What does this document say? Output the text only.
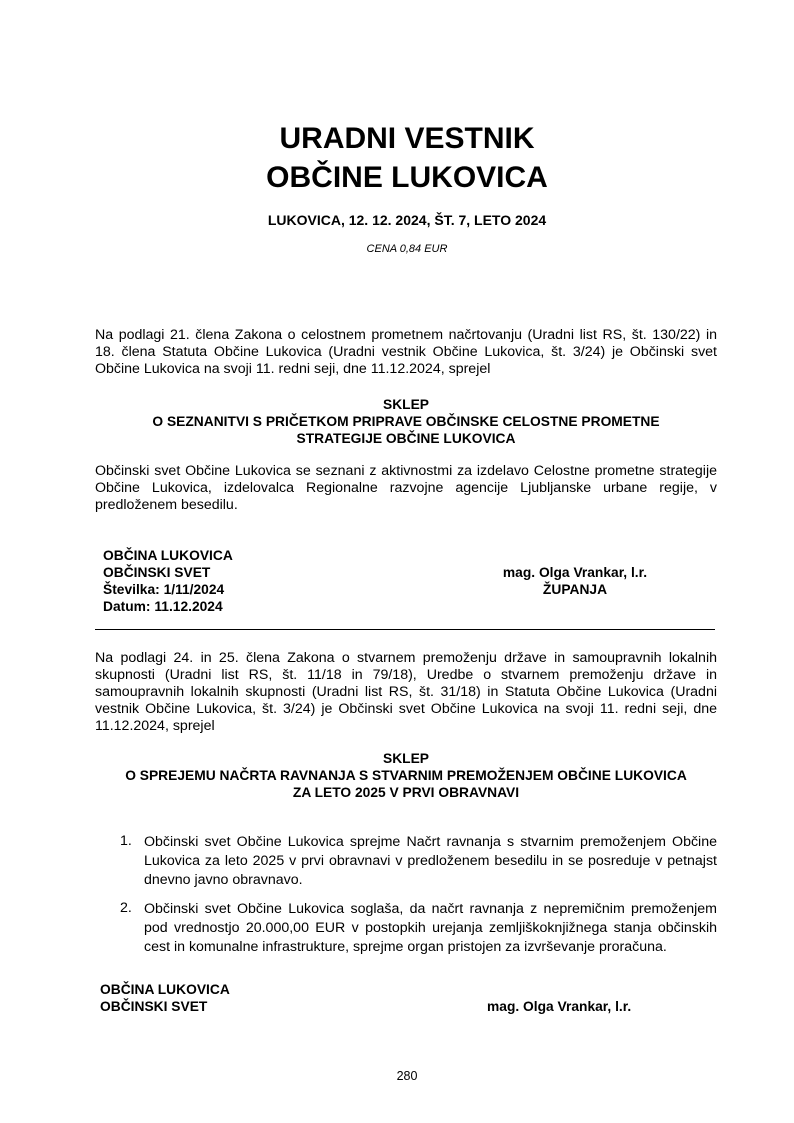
URADNI VESTNIK
OBČINE LUKOVICA
LUKOVICA, 12. 12. 2024, ŠT. 7, LETO 2024
CENA 0,84 EUR
Na podlagi 21. člena Zakona o celostnem prometnem načrtovanju (Uradni list RS, št. 130/22) in
18. člena Statuta Občine Lukovica (Uradni vestnik Občine Lukovica, št. 3/24) je Občinski svet
Občine Lukovica na svoji 11. redni seji, dne 11.12.2024, sprejel
SKLEP
O SEZNANITVI S PRIČETKOM PRIPRAVE OBČINSKE CELOSTNE PROMETNE
STRATEGIJE OBČINE LUKOVICA
Občinski svet Občine Lukovica se seznani z aktivnostmi za izdelavo Celostne prometne strategije
Občine Lukovica, izdelovalca Regionalne razvojne agencije Ljubljanske urbane regije, v
predloženem besedilu.
OBČINA LUKOVICA
OBČINSKI SVET
Številka: 1/11/2024
Datum: 11.12.2024
mag. Olga Vrankar, l.r.
ŽUPANJA
Na podlagi 24. in 25. člena Zakona o stvarnem premoženju države in samoupravnih lokalnih
skupnosti (Uradni list RS, št. 11/18 in 79/18), Uredbe o stvarnem premoženju države in
samoupravnih lokalnih skupnosti (Uradni list RS, št. 31/18) in Statuta Občine Lukovica (Uradni
vestnik Občine Lukovica, št. 3/24) je Občinski svet Občine Lukovica na svoji 11. redni seji, dne
11.12.2024, sprejel
SKLEP
O SPREJEMU NAČRTA RAVNANJA S STVARNIM PREMOŽENJEM OBČINE LUKOVICA
ZA LETO 2025 V PRVI OBRAVNAVI
1. Občinski svet Občine Lukovica sprejme Načrt ravnanja s stvarnim premoženjem Občine
Lukovica za leto 2025 v prvi obravnavi v predloženem besedilu in se posreduje v petnajst
dnevno javno obravnavo.
2. Občinski svet Občine Lukovica soglaša, da načrt ravnanja z nepremičnim premoženjem
pod vrednostjo 20.000,00 EUR v postopkih urejanja zemljiškoknjižnega stanja občinskih
cest in komunalne infrastrukture, sprejme organ pristojen za izvrševanje proračuna.
OBČINA LUKOVICA
OBČINSKI SVET	mag. Olga Vrankar, l.r.
280
